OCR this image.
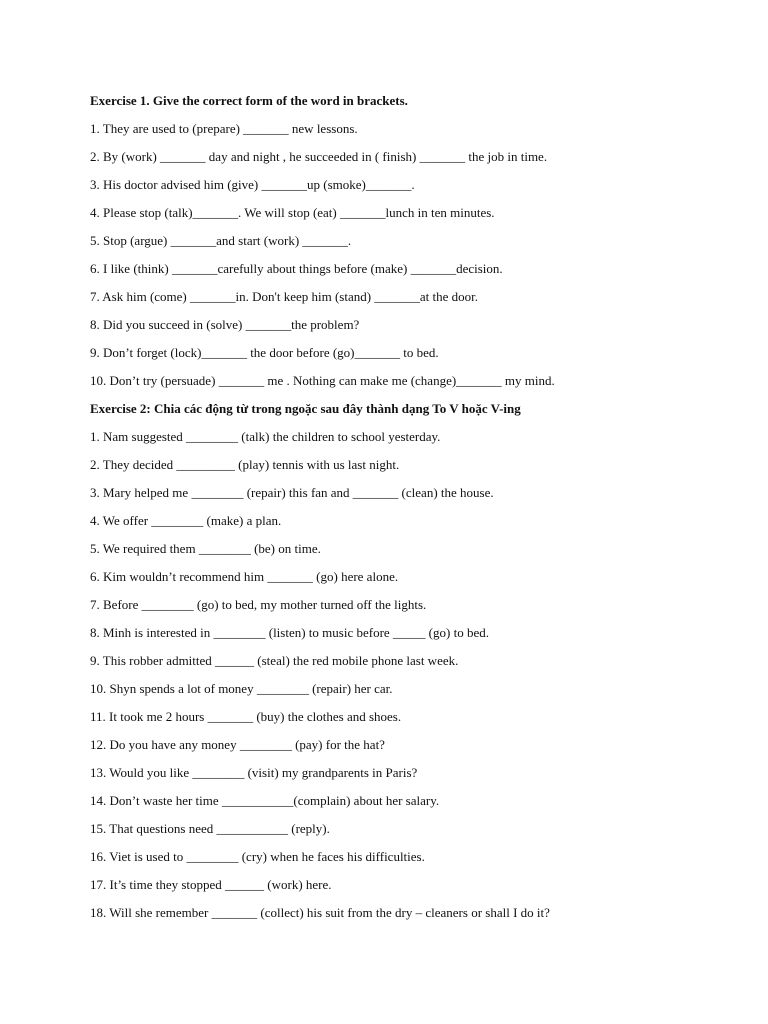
Exercise 1. Give the correct form of the word in brackets.
1. They are used to (prepare) _______ new lessons.
2. By (work) _______ day and night , he succeeded in ( finish) _______ the job in time.
3. His doctor advised him (give) _______up (smoke)_______.
4. Please stop (talk)_______. We will stop (eat) _______lunch in ten minutes.
5. Stop (argue) _______and start (work) _______.
6. I like (think) _______carefully about things before (make) _______decision.
7. Ask him (come) _______in. Don't keep him (stand) _______at the door.
8. Did you succeed in (solve) _______the problem?
9. Don’t forget (lock)_______ the door before (go)_______ to bed.
10. Don’t try (persuade) _______ me . Nothing can make me (change)_______ my mind.
Exercise 2: Chia các động từ trong ngoặc sau đây thành dạng To V hoặc V-ing
1. Nam suggested ________ (talk) the children to school yesterday.
2. They decided _________ (play) tennis with us last night.
3. Mary helped me ________ (repair) this fan and _______ (clean) the house.
4. We offer ________ (make) a plan.
5. We required them ________ (be) on time.
6. Kim wouldn’t recommend him _______ (go) here alone.
7. Before ________ (go) to bed, my mother turned off the lights.
8. Minh is interested in ________ (listen) to music before _____ (go) to bed.
9. This robber admitted ______ (steal) the red mobile phone last week.
10. Shyn spends a lot of money ________ (repair) her car.
11. It took me 2 hours _______ (buy) the clothes and shoes.
12. Do you have any money ________ (pay) for the hat?
13. Would you like ________ (visit) my grandparents in Paris?
14. Don’t waste her time ___________(complain) about her salary.
15. That questions need ___________ (reply).
16. Viet is used to ________ (cry) when he faces his difficulties.
17. It’s time they stopped ______ (work) here.
18. Will she remember _______ (collect) his suit from the dry – cleaners or shall I do it?
